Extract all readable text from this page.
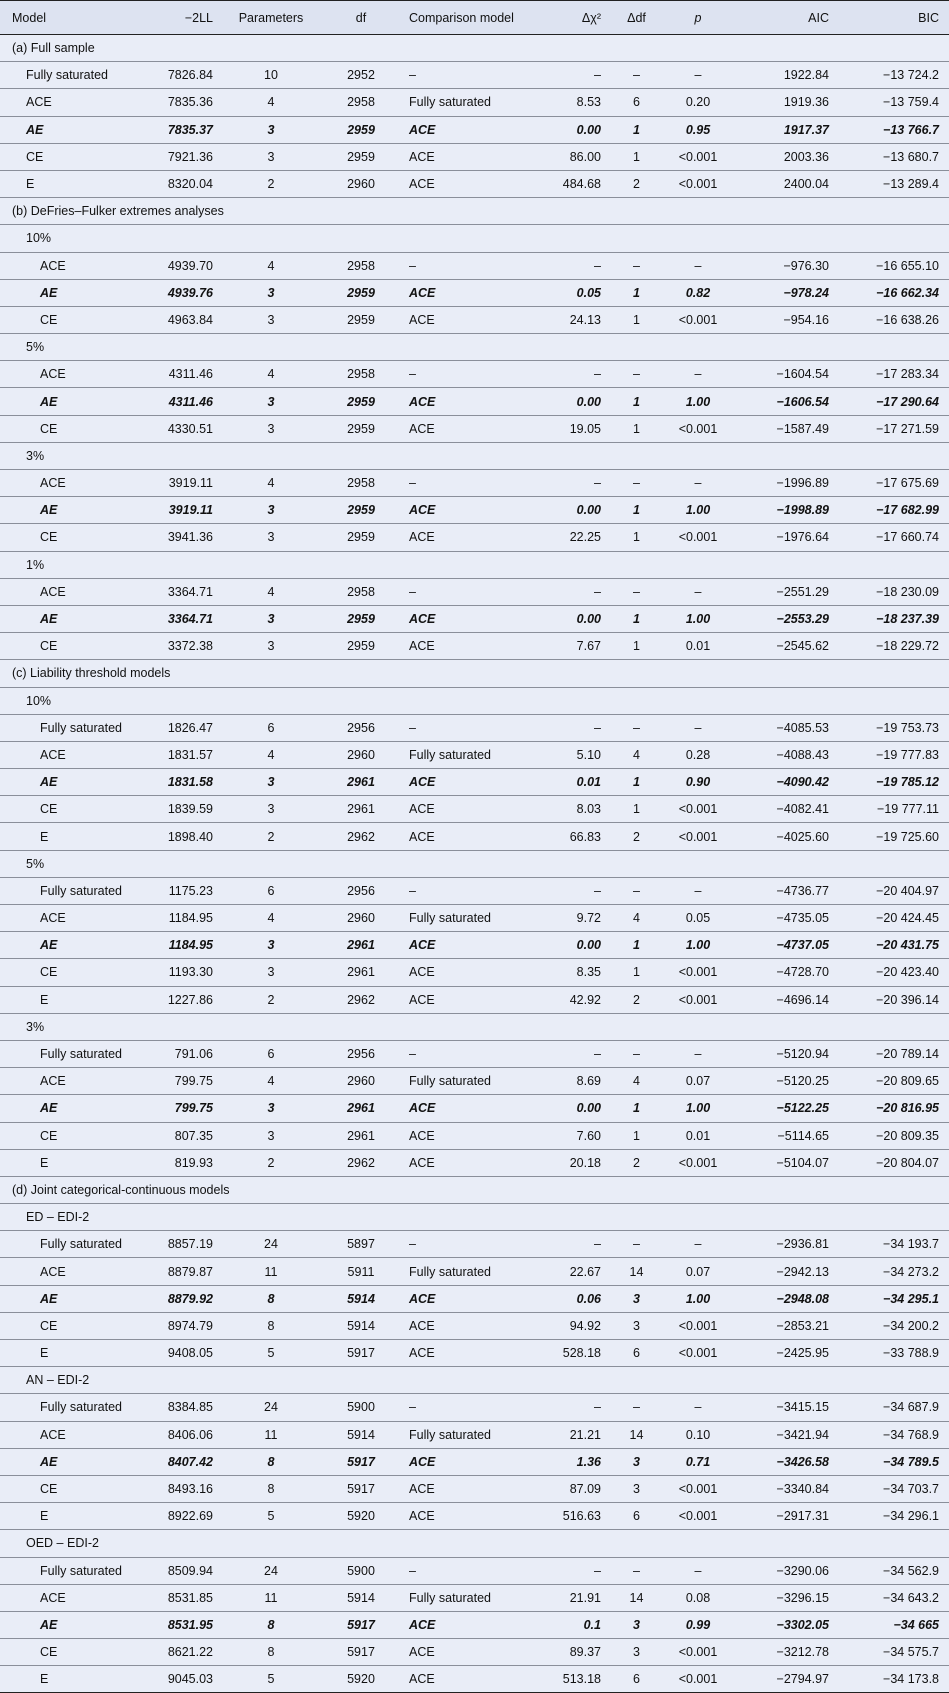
Model	−2LL	Parameters	df	Comparison model	Δχ²	Δdf	p	AIC	BIC
(a) Full sample									
Fully saturated	7826.84	10	2952	–	–	–	–	1922.84	−13 724.2
ACE	7835.36	4	2958	Fully saturated	8.53	6	0.20	1919.36	−13 759.4
AE	7835.37	3	2959	ACE	0.00	1	0.95	1917.37	−13 766.7
CE	7921.36	3	2959	ACE	86.00	1	<0.001	2003.36	−13 680.7
E	8320.04	2	2960	ACE	484.68	2	<0.001	2400.04	−13 289.4
(b) DeFries–Fulker extremes analyses									
10%									
ACE	4939.70	4	2958	–	–	–	–	−976.30	−16 655.10
AE	4939.76	3	2959	ACE	0.05	1	0.82	−978.24	−16 662.34
CE	4963.84	3	2959	ACE	24.13	1	<0.001	−954.16	−16 638.26
5%									
ACE	4311.46	4	2958	–	–	–	–	−1604.54	−17 283.34
AE	4311.46	3	2959	ACE	0.00	1	1.00	−1606.54	−17 290.64
CE	4330.51	3	2959	ACE	19.05	1	<0.001	−1587.49	−17 271.59
3%									
ACE	3919.11	4	2958	–	–	–	–	−1996.89	−17 675.69
AE	3919.11	3	2959	ACE	0.00	1	1.00	−1998.89	−17 682.99
CE	3941.36	3	2959	ACE	22.25	1	<0.001	−1976.64	−17 660.74
1%									
ACE	3364.71	4	2958	–	–	–	–	−2551.29	−18 230.09
AE	3364.71	3	2959	ACE	0.00	1	1.00	−2553.29	−18 237.39
CE	3372.38	3	2959	ACE	7.67	1	0.01	−2545.62	−18 229.72
(c) Liability threshold models									
10%									
Fully saturated	1826.47	6	2956	–	–	–	–	−4085.53	−19 753.73
ACE	1831.57	4	2960	Fully saturated	5.10	4	0.28	−4088.43	−19 777.83
AE	1831.58	3	2961	ACE	0.01	1	0.90	−4090.42	−19 785.12
CE	1839.59	3	2961	ACE	8.03	1	<0.001	−4082.41	−19 777.11
E	1898.40	2	2962	ACE	66.83	2	<0.001	−4025.60	−19 725.60
5%									
Fully saturated	1175.23	6	2956	–	–	–	–	−4736.77	−20 404.97
ACE	1184.95	4	2960	Fully saturated	9.72	4	0.05	−4735.05	−20 424.45
AE	1184.95	3	2961	ACE	0.00	1	1.00	−4737.05	−20 431.75
CE	1193.30	3	2961	ACE	8.35	1	<0.001	−4728.70	−20 423.40
E	1227.86	2	2962	ACE	42.92	2	<0.001	−4696.14	−20 396.14
3%									
Fully saturated	791.06	6	2956	–	–	–	–	−5120.94	−20 789.14
ACE	799.75	4	2960	Fully saturated	8.69	4	0.07	−5120.25	−20 809.65
AE	799.75	3	2961	ACE	0.00	1	1.00	−5122.25	−20 816.95
CE	807.35	3	2961	ACE	7.60	1	0.01	−5114.65	−20 809.35
E	819.93	2	2962	ACE	20.18	2	<0.001	−5104.07	−20 804.07
(d) Joint categorical-continuous models									
ED – EDI-2									
Fully saturated	8857.19	24	5897	–	–	–	–	−2936.81	−34 193.7
ACE	8879.87	11	5911	Fully saturated	22.67	14	0.07	−2942.13	−34 273.2
AE	8879.92	8	5914	ACE	0.06	3	1.00	−2948.08	−34 295.1
CE	8974.79	8	5914	ACE	94.92	3	<0.001	−2853.21	−34 200.2
E	9408.05	5	5917	ACE	528.18	6	<0.001	−2425.95	−33 788.9
AN – EDI-2									
Fully saturated	8384.85	24	5900	–	–	–	–	−3415.15	−34 687.9
ACE	8406.06	11	5914	Fully saturated	21.21	14	0.10	−3421.94	−34 768.9
AE	8407.42	8	5917	ACE	1.36	3	0.71	−3426.58	−34 789.5
CE	8493.16	8	5917	ACE	87.09	3	<0.001	−3340.84	−34 703.7
E	8922.69	5	5920	ACE	516.63	6	<0.001	−2917.31	−34 296.1
OED – EDI-2									
Fully saturated	8509.94	24	5900	–	–	–	–	−3290.06	−34 562.9
ACE	8531.85	11	5914	Fully saturated	21.91	14	0.08	−3296.15	−34 643.2
AE	8531.95	8	5917	ACE	0.1	3	0.99	−3302.05	−34 665
CE	8621.22	8	5917	ACE	89.37	3	<0.001	−3212.78	−34 575.7
E	9045.03	5	5920	ACE	513.18	6	<0.001	−2794.97	−34 173.8
